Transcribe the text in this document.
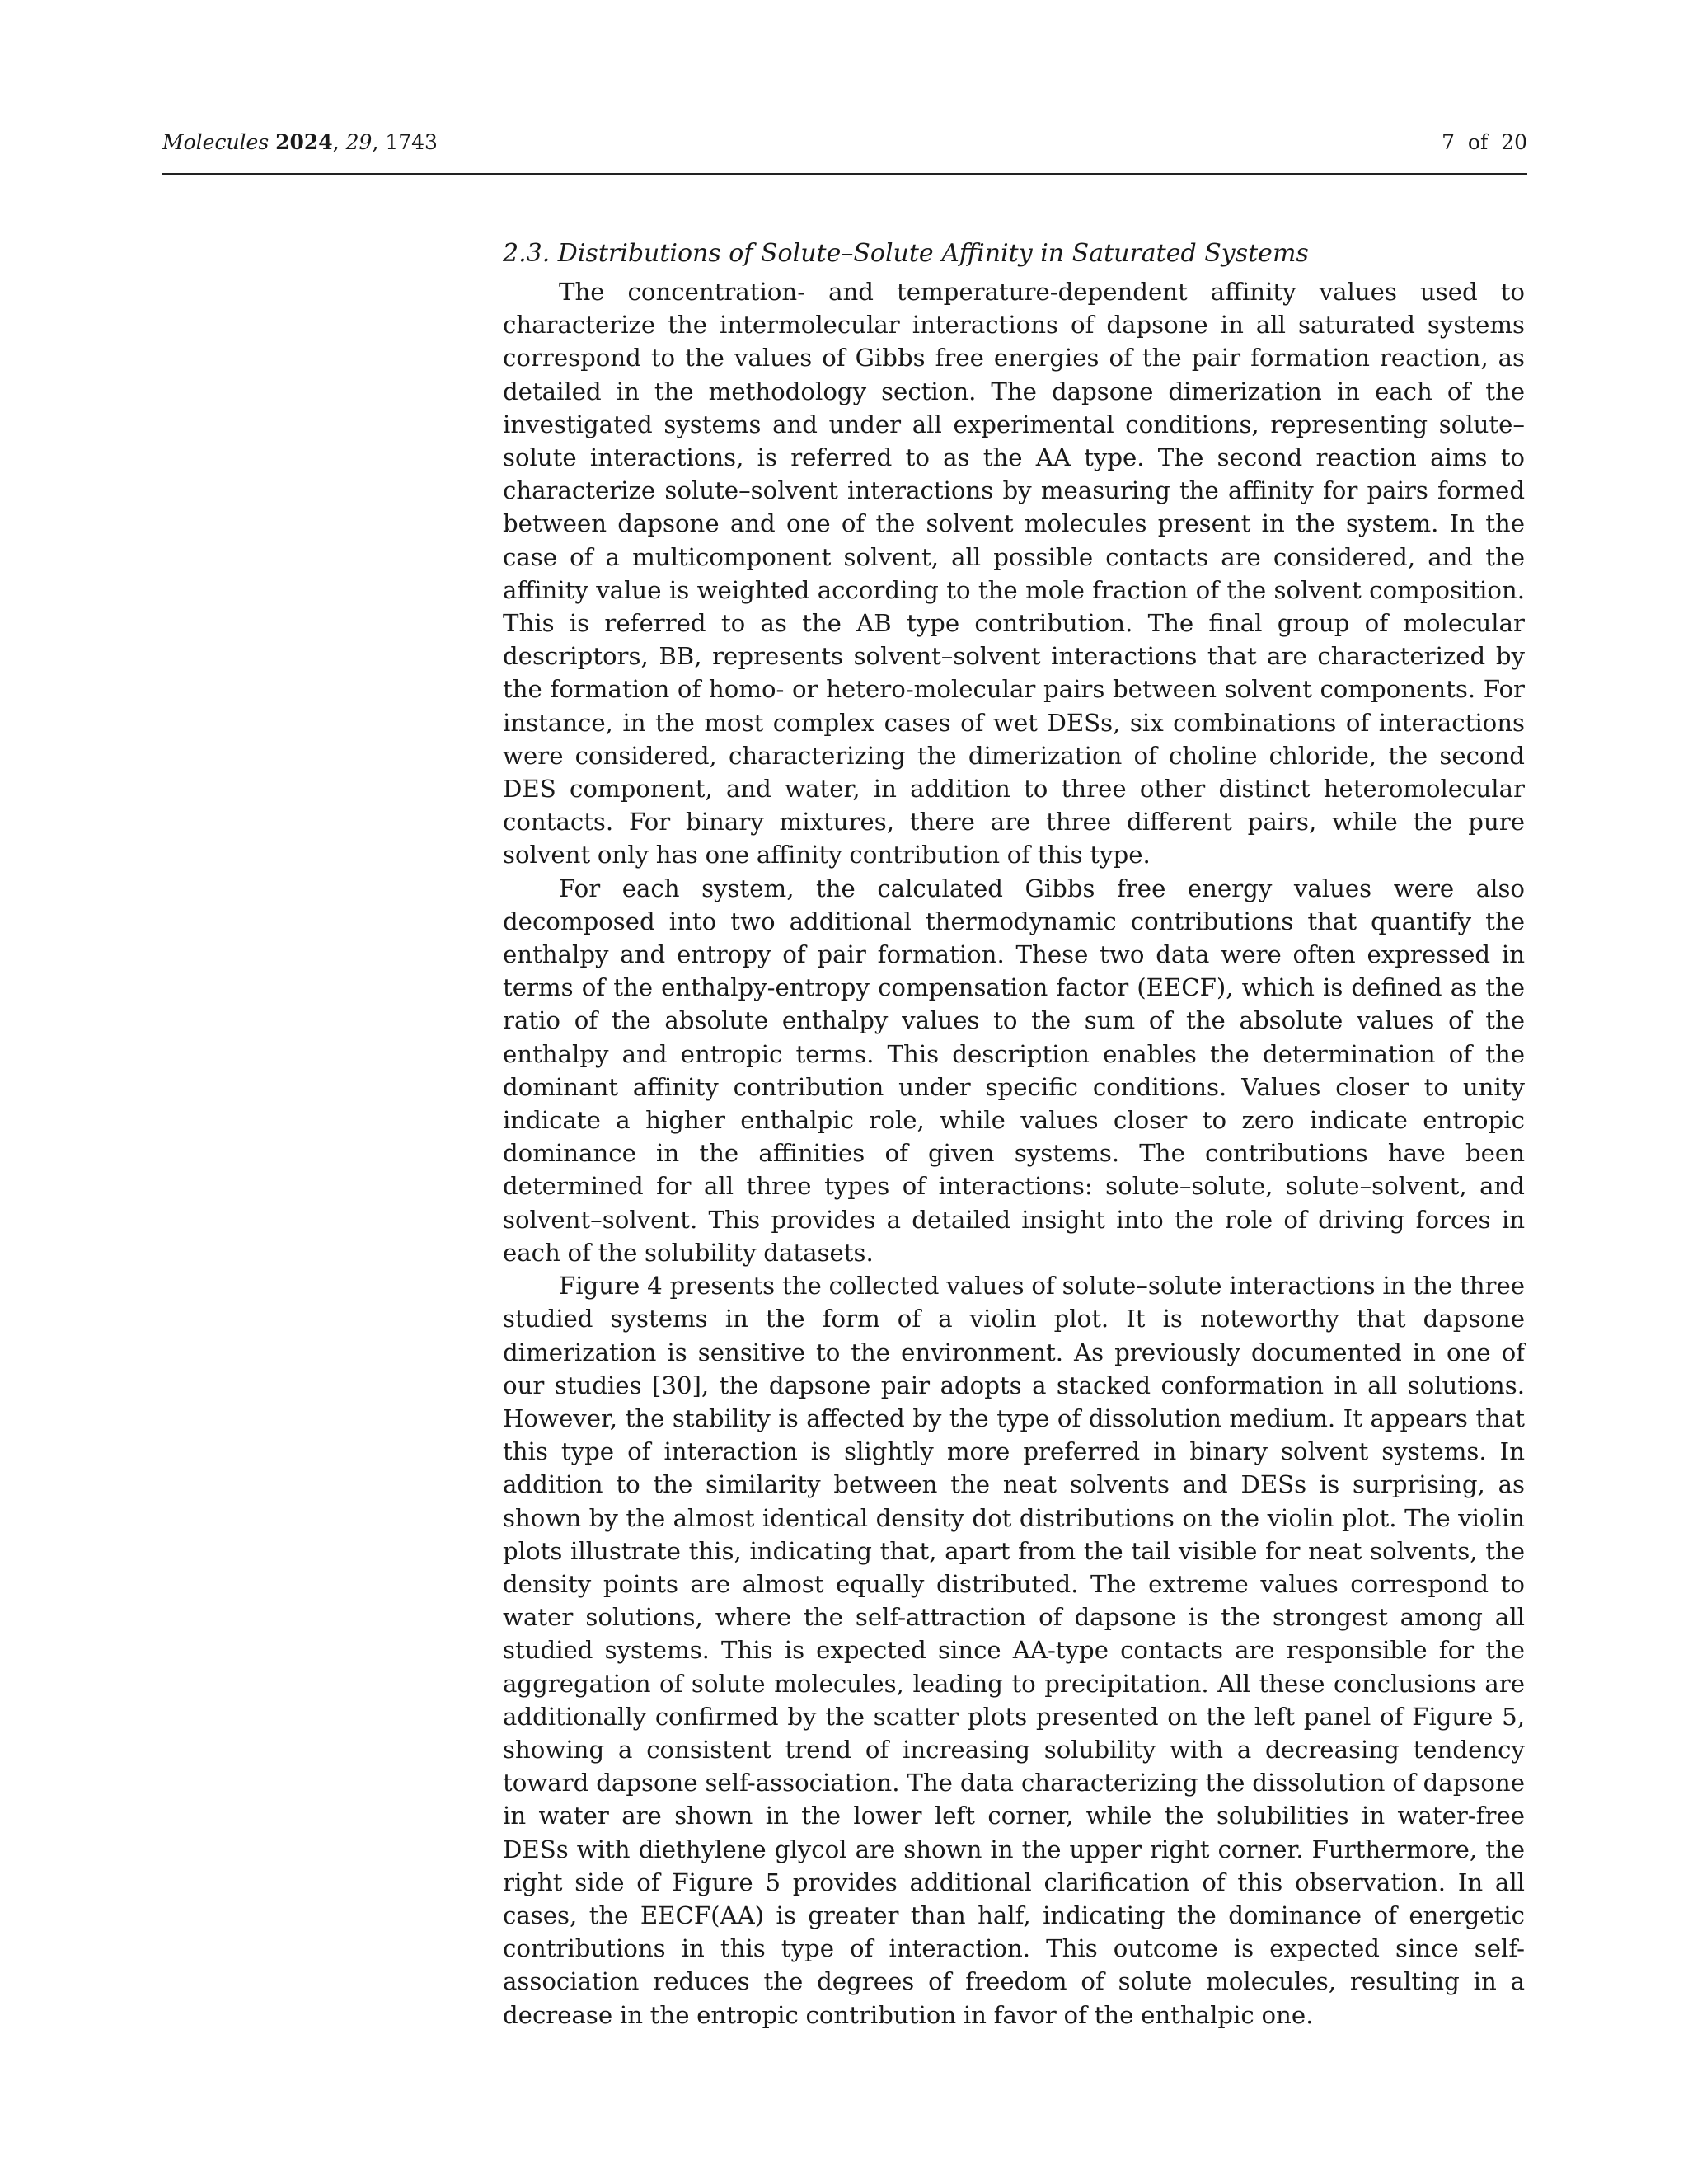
Molecules 2024, 29, 1743	7 of 20
2.3. Distributions of Solute–Solute Affinity in Saturated Systems

The concentration- and temperature-dependent affinity values used to characterize the intermolecular interactions of dapsone in all saturated systems correspond to the values of Gibbs free energies of the pair formation reaction, as detailed in the methodology section. The dapsone dimerization in each of the investigated systems and under all experimental conditions, representing solute–solute interactions, is referred to as the AA type. The second reaction aims to characterize solute–solvent interactions by measuring the affinity for pairs formed between dapsone and one of the solvent molecules present in the system. In the case of a multicomponent solvent, all possible contacts are considered, and the affinity value is weighted according to the mole fraction of the solvent composition. This is referred to as the AB type contribution. The final group of molecular descriptors, BB, represents solvent–solvent interactions that are characterized by the formation of homo- or hetero-molecular pairs between solvent components. For instance, in the most complex cases of wet DESs, six combinations of interactions were considered, characterizing the dimerization of choline chloride, the second DES component, and water, in addition to three other distinct heteromolecular contacts. For binary mixtures, there are three different pairs, while the pure solvent only has one affinity contribution of this type.

For each system, the calculated Gibbs free energy values were also decomposed into two additional thermodynamic contributions that quantify the enthalpy and entropy of pair formation. These two data were often expressed in terms of the enthalpy-entropy compensation factor (EECF), which is defined as the ratio of the absolute enthalpy values to the sum of the absolute values of the enthalpy and entropic terms. This description enables the determination of the dominant affinity contribution under specific conditions. Values closer to unity indicate a higher enthalpic role, while values closer to zero indicate entropic dominance in the affinities of given systems. The contributions have been determined for all three types of interactions: solute–solute, solute–solvent, and solvent–solvent. This provides a detailed insight into the role of driving forces in each of the solubility datasets.

Figure 4 presents the collected values of solute–solute interactions in the three studied systems in the form of a violin plot. It is noteworthy that dapsone dimerization is sensitive to the environment. As previously documented in one of our studies [30], the dapsone pair adopts a stacked conformation in all solutions. However, the stability is affected by the type of dissolution medium. It appears that this type of interaction is slightly more preferred in binary solvent systems. In addition to the similarity between the neat solvents and DESs is surprising, as shown by the almost identical density dot distributions on the violin plot. The violin plots illustrate this, indicating that, apart from the tail visible for neat solvents, the density points are almost equally distributed. The extreme values correspond to water solutions, where the self-attraction of dapsone is the strongest among all studied systems. This is expected since AA-type contacts are responsible for the aggregation of solute molecules, leading to precipitation. All these conclusions are additionally confirmed by the scatter plots presented on the left panel of Figure 5, showing a consistent trend of increasing solubility with a decreasing tendency toward dapsone self-association. The data characterizing the dissolution of dapsone in water are shown in the lower left corner, while the solubilities in water-free DESs with diethylene glycol are shown in the upper right corner. Furthermore, the right side of Figure 5 provides additional clarification of this observation. In all cases, the EECF(AA) is greater than half, indicating the dominance of energetic contributions in this type of interaction. This outcome is expected since self-association reduces the degrees of freedom of solute molecules, resulting in a decrease in the entropic contribution in favor of the enthalpic one.
